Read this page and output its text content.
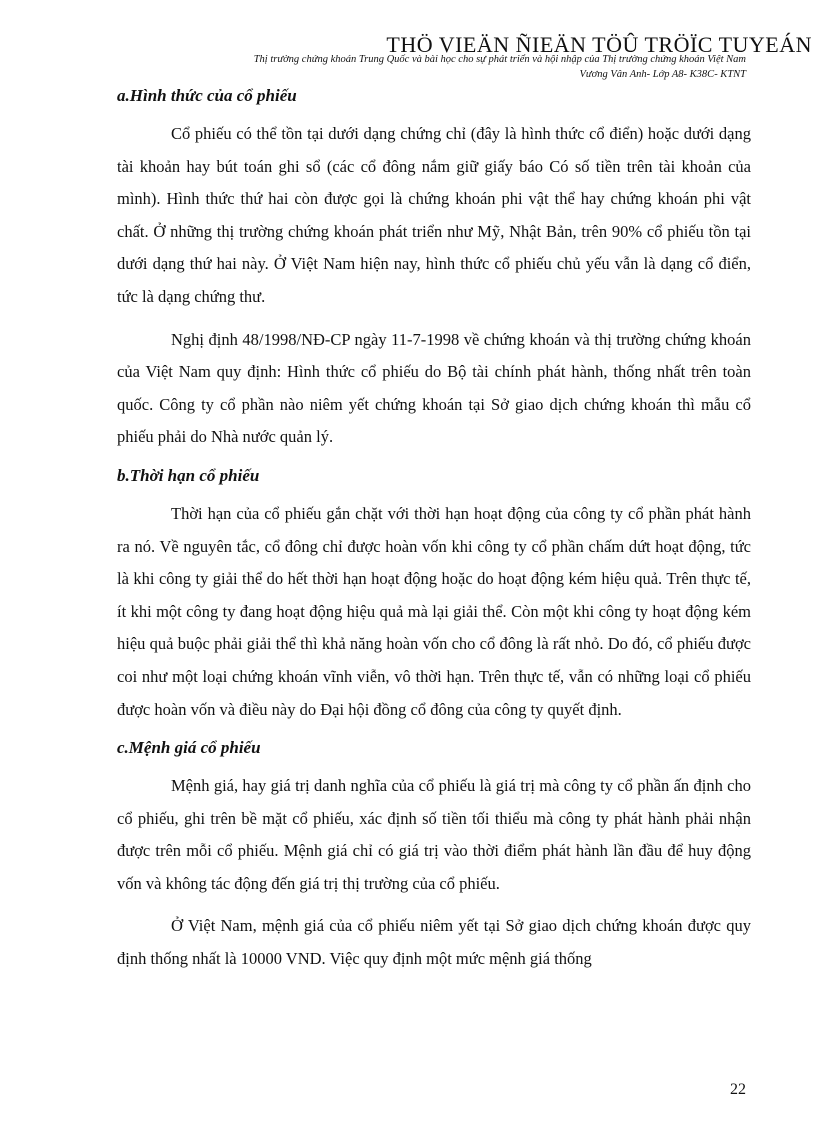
THÖ VIEÄN ÑIEÄN TÖÛ TRÖÏC TUYEÁN
Thị trường chứng khoán Trung Quốc và bài học cho sự phát triển và hội nhập của Thị trường chứng khoán Việt Nam
Vương Vân Anh- Lớp A8- K38C- KTNT

a.Hình thức của cổ phiếu

Cổ phiếu có thể tồn tại dưới dạng chứng chỉ (đây là hình thức cổ điển) hoặc dưới dạng tài khoản hay bút toán ghi sổ (các cổ đông nắm giữ giấy báo Có số tiền trên tài khoản của mình). Hình thức thứ hai còn được gọi là chứng khoán phi vật thể hay chứng khoán phi vật chất. Ở những thị trường chứng khoán phát triển như Mỹ, Nhật Bản, trên 90% cổ phiếu tồn tại dưới dạng thứ hai này. Ở Việt Nam hiện nay, hình thức cổ phiếu chủ yếu vẫn là dạng cổ điển, tức là dạng chứng thư.

Nghị định 48/1998/NĐ-CP ngày 11-7-1998 về chứng khoán và thị trường chứng khoán của Việt Nam quy định: Hình thức cổ phiếu do Bộ tài chính phát hành, thống nhất trên toàn quốc. Công ty cổ phần nào niêm yết chứng khoán tại Sở giao dịch chứng khoán thì mẫu cổ phiếu phải do Nhà nước quản lý.

b.Thời hạn cổ phiếu

Thời hạn của cổ phiếu gắn chặt với thời hạn hoạt động của công ty cổ phần phát hành ra nó. Về nguyên tắc, cổ đông chỉ được hoàn vốn khi công ty cổ phần chấm dứt hoạt động, tức là khi công ty giải thể do hết thời hạn hoạt động hoặc do hoạt động kém hiệu quả. Trên thực tế, ít khi một công ty đang hoạt động hiệu quả mà lại giải thể. Còn một khi công ty hoạt động kém hiệu quả buộc phải giải thể thì khả năng hoàn vốn cho cổ đông là rất nhỏ. Do đó, cổ phiếu được coi như một loại chứng khoán vĩnh viễn, vô thời hạn. Trên thực tế, vẫn có những loại cổ phiếu được hoàn vốn và điều này do Đại hội đồng cổ đông của công ty quyết định.

c.Mệnh giá cổ phiếu

Mệnh giá, hay giá trị danh nghĩa của cổ phiếu là giá trị mà công ty cổ phần ấn định cho cổ phiếu, ghi trên bề mặt cổ phiếu, xác định số tiền tối thiểu mà công ty phát hành phải nhận được trên mỗi cổ phiếu. Mệnh giá chỉ có giá trị vào thời điểm phát hành lần đầu để huy động vốn và không tác động đến giá trị thị trường của cổ phiếu.

Ở Việt Nam, mệnh giá của cổ phiếu niêm yết tại Sở giao dịch chứng khoán được quy định thống nhất là 10000 VND. Việc quy định một mức mệnh giá thống

22
